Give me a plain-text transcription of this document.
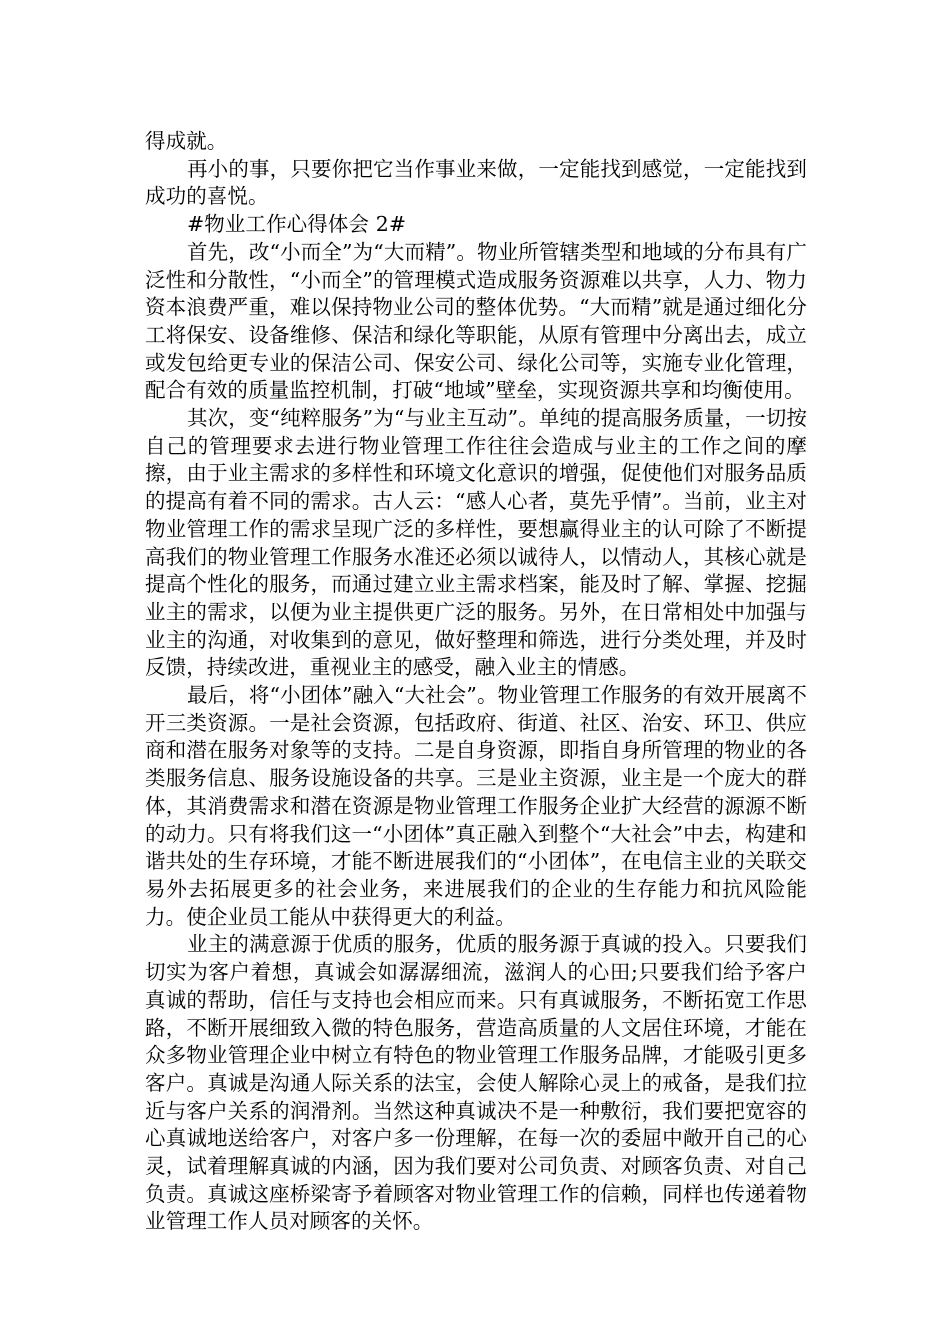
得成就。

再小的事，只要你把它当作事业来做，一定能找到感觉，一定能找到成功的喜悦。

#物业工作心得体会 2#

首先，改“小而全”为“大而精”。物业所管辖类型和地域的分布具有广泛性和分散性，“小而全”的管理模式造成服务资源难以共享，人力、物力资本浪费严重，难以保持物业公司的整体优势。“大而精”就是通过细化分工将保安、设备维修、保洁和绿化等职能，从原有管理中分离出去，成立或发包给更专业的保洁公司、保安公司、绿化公司等，实施专业化管理，配合有效的质量监控机制，打破“地域”壁垒，实现资源共享和均衡使用。

其次，变“纯粹服务”为“与业主互动”。单纯的提高服务质量，一切按自己的管理要求去进行物业管理工作往往会造成与业主的工作之间的摩擦，由于业主需求的多样性和环境文化意识的增强，促使他们对服务品质的提高有着不同的需求。古人云：“感人心者，莫先乎情”。当前，业主对物业管理工作的需求呈现广泛的多样性，要想赢得业主的认可除了不断提高我们的物业管理工作服务水准还必须以诚待人，以情动人，其核心就是提高个性化的服务，而通过建立业主需求档案，能及时了解、掌握、挖掘业主的需求，以便为业主提供更广泛的服务。另外，在日常相处中加强与业主的沟通，对收集到的意见，做好整理和筛选，进行分类处理，并及时反馈，持续改进，重视业主的感受，融入业主的情感。

最后，将“小团体”融入“大社会”。物业管理工作服务的有效开展离不开三类资源。一是社会资源，包括政府、街道、社区、治安、环卫、供应商和潜在服务对象等的支持。二是自身资源，即指自身所管理的物业的各类服务信息、服务设施设备的共享。三是业主资源，业主是一个庞大的群体，其消费需求和潜在资源是物业管理工作服务企业扩大经营的源源不断的动力。只有将我们这一“小团体”真正融入到整个“大社会”中去，构建和谐共处的生存环境，才能不断进展我们的“小团体”，在电信主业的关联交易外去拓展更多的社会业务，来进展我们的企业的生存能力和抗风险能力。使企业员工能从中获得更大的利益。

业主的满意源于优质的服务，优质的服务源于真诚的投入。只要我们切实为客户着想，真诚会如潺潺细流，滋润人的心田;只要我们给予客户真诚的帮助，信任与支持也会相应而来。只有真诚服务，不断拓宽工作思路，不断开展细致入微的特色服务，营造高质量的人文居住环境，才能在众多物业管理企业中树立有特色的物业管理工作服务品牌，才能吸引更多客户。真诚是沟通人际关系的法宝，会使人解除心灵上的戒备，是我们拉近与客户关系的润滑剂。当然这种真诚决不是一种敷衍，我们要把宽容的心真诚地送给客户，对客户多一份理解，在每一次的委屈中敞开自己的心灵，试着理解真诚的内涵，因为我们要对公司负责、对顾客负责、对自己负责。真诚这座桥梁寄予着顾客对物业管理工作的信赖，同样也传递着物业管理工作人员对顾客的关怀。
